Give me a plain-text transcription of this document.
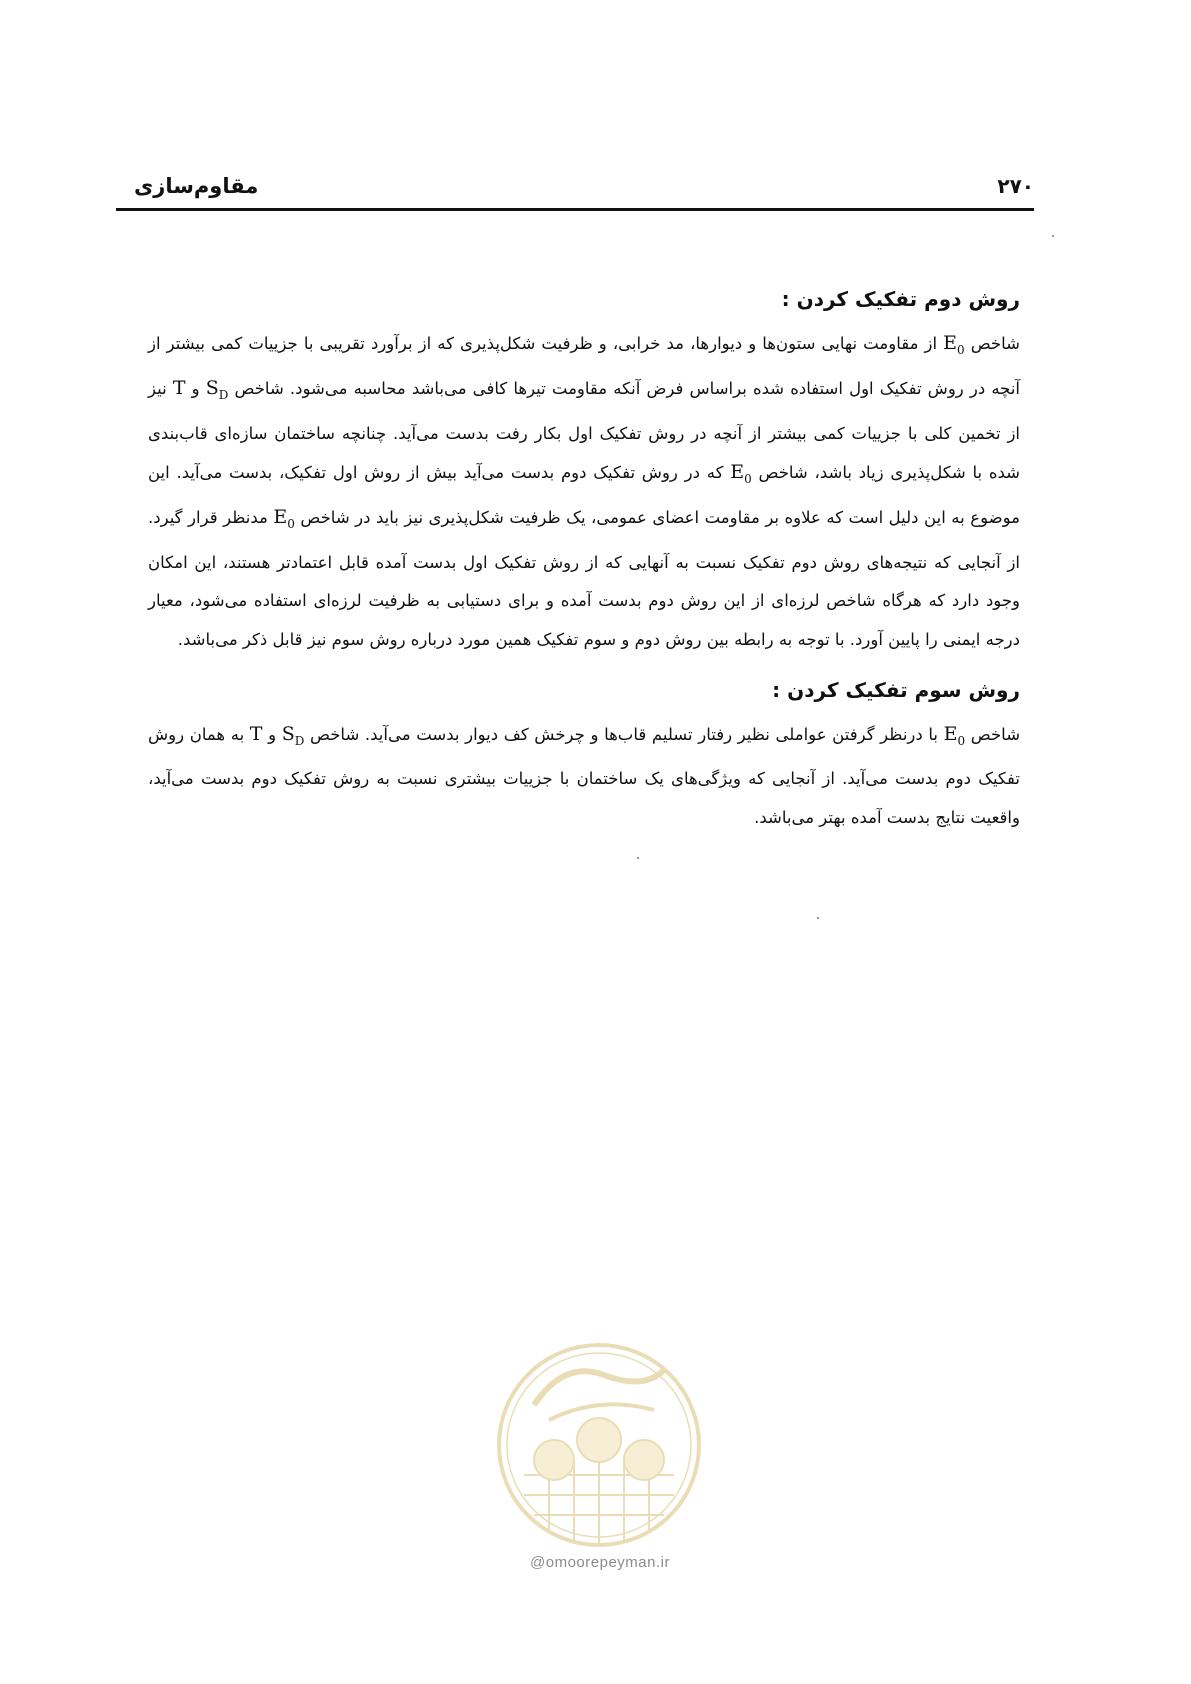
۲۷۰
مقاوم‌سازی
روش دوم تفکیک کردن :

شاخص $E_0$ از مقاومت نهایی ستون‌ها و دیوارها، مد خرابی، و ظرفیت شکل‌پذیری که از برآورد تقریبی با جزییات کمی بیشتر از آنچه در روش تفکیک اول استفاده شده براساس فرض آنکه مقاومت تیرها کافی می‌باشد محاسبه می‌شود. شاخص $S_D$ و T نیز از تخمین کلی با جزییات کمی بیشتر از آنچه در روش تفکیک اول بکار رفت بدست می‌آید. چنانچه ساختمان سازه‌ای قاب‌بندی شده با شکل‌پذیری زیاد باشد، شاخص $E_0$ که در روش تفکیک دوم بدست می‌آید بیش از روش اول تفکیک، بدست می‌آید. این موضوع به این دلیل است که علاوه بر مقاومت اعضای عمومی، یک ظرفیت شکل‌پذیری نیز باید در شاخص $E_0$ مدنظر قرار گیرد. از آنجایی که نتیجه‌های روش دوم تفکیک نسبت به آنهایی که از روش تفکیک اول بدست آمده قابل اعتمادتر هستند، این امکان وجود دارد که هرگاه شاخص لرزه‌ای از این روش دوم بدست آمده و برای دستیابی به ظرفیت لرزه‌ای استفاده می‌شود، معیار درجه ایمنی را پایین آورد. با توجه به رابطه بین روش دوم و سوم تفکیک همین مورد درباره روش سوم نیز قابل ذکر می‌باشد.

روش سوم تفکیک کردن :

شاخص $E_0$ با درنظر گرفتن عواملی نظیر رفتار تسلیم قاب‌ها و چرخش کف دیوار بدست می‌آید. شاخص $S_D$ و T به همان روش تفکیک دوم بدست می‌آید. از آنجایی که ویژگی‌های یک ساختمان با جزییات بیشتری نسبت به روش تفکیک دوم بدست می‌آید، واقعیت نتایج بدست آمده بهتر می‌باشد.

@omoorepeyman.ir
